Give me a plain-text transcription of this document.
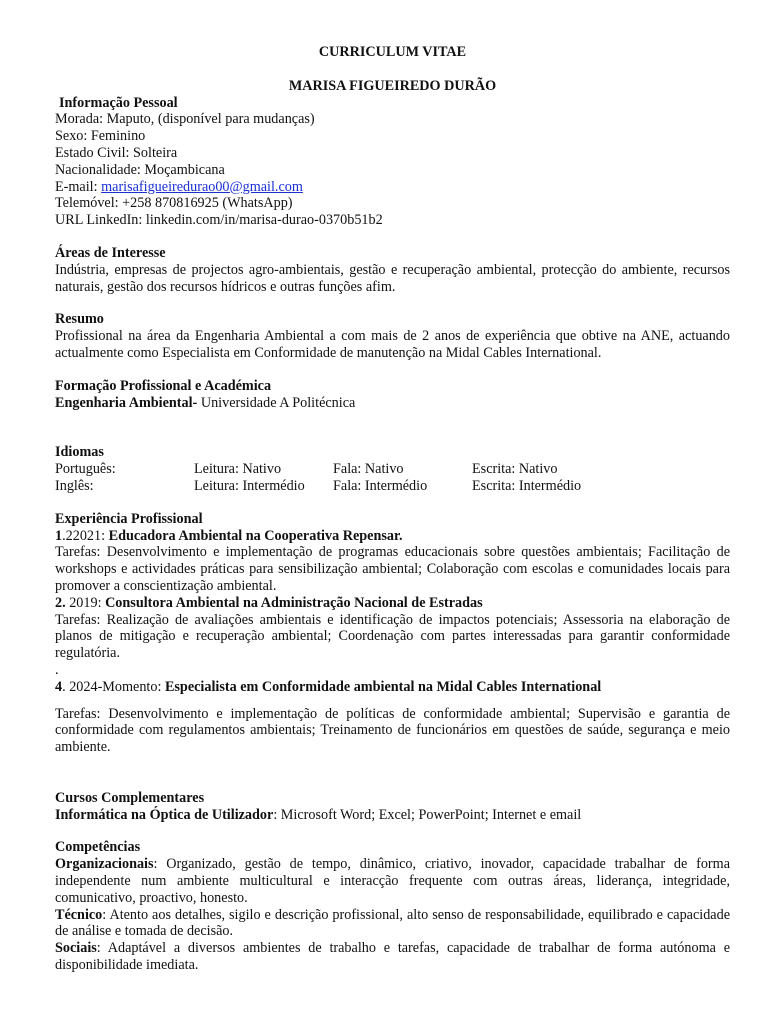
CURRICULUM VITAE

MARISA FIGUEIREDO DURÃO

Informação Pessoal

Morada: Maputo, (disponível para mudanças)

Sexo: Feminino

Estado Civil: Solteira

Nacionalidade: Moçambicana

E-mail: marisafigueiredurao00@gmail.com

Telemóvel: +258 870816925 (WhatsApp)

URL LinkedIn: linkedin.com/in/marisa-durao-0370b51b2

Áreas de Interesse

Indústria, empresas de projectos agro-ambientais, gestão e recuperação ambiental, protecção do ambiente, recursos naturais, gestão dos recursos hídricos e outras funções afim.

Resumo

Profissional na área da Engenharia Ambiental a com mais de 2 anos de experiência que obtive na ANE, actuando actualmente como Especialista em Conformidade de manutenção na Midal Cables International.

Formação Profissional e Académica

Engenharia Ambiental- Universidade A Politécnica

Idiomas

Português:	Leitura: Nativo	Fala: Nativo	Escrita: Nativo
Inglês:	Leitura: Intermédio	Fala: Intermédio	Escrita: Intermédio

Experiência Profissional

1.22021: Educadora Ambiental na Cooperativa Repensar.

Tarefas: Desenvolvimento e implementação de programas educacionais sobre questões ambientais; Facilitação de workshops e actividades práticas para sensibilização ambiental; Colaboração com escolas e comunidades locais para promover a conscientização ambiental.

2. 2019: Consultora Ambiental na Administração Nacional de Estradas

Tarefas: Realização de avaliações ambientais e identificação de impactos potenciais; Assessoria na elaboração de planos de mitigação e recuperação ambiental; Coordenação com partes interessadas para garantir conformidade regulatória.

.

4. 2024-Momento: Especialista em Conformidade ambiental na Midal Cables International

Tarefas: Desenvolvimento e implementação de políticas de conformidade ambiental; Supervisão e garantia de conformidade com regulamentos ambientais; Treinamento de funcionários em questões de saúde, segurança e meio ambiente.

Cursos Complementares

Informática na Óptica de Utilizador: Microsoft Word; Excel; PowerPoint; Internet e email

Competências

Organizacionais: Organizado, gestão de tempo, dinâmico, criativo, inovador, capacidade trabalhar de forma independente num ambiente multicultural e interacção frequente com outras áreas, liderança, integridade, comunicativo, proactivo, honesto.

Técnico: Atento aos detalhes, sigilo e descrição profissional, alto senso de responsabilidade, equilibrado e capacidade de análise e tomada de decisão.

Sociais: Adaptável a diversos ambientes de trabalho e tarefas, capacidade de trabalhar de forma autónoma e disponibilidade imediata.
